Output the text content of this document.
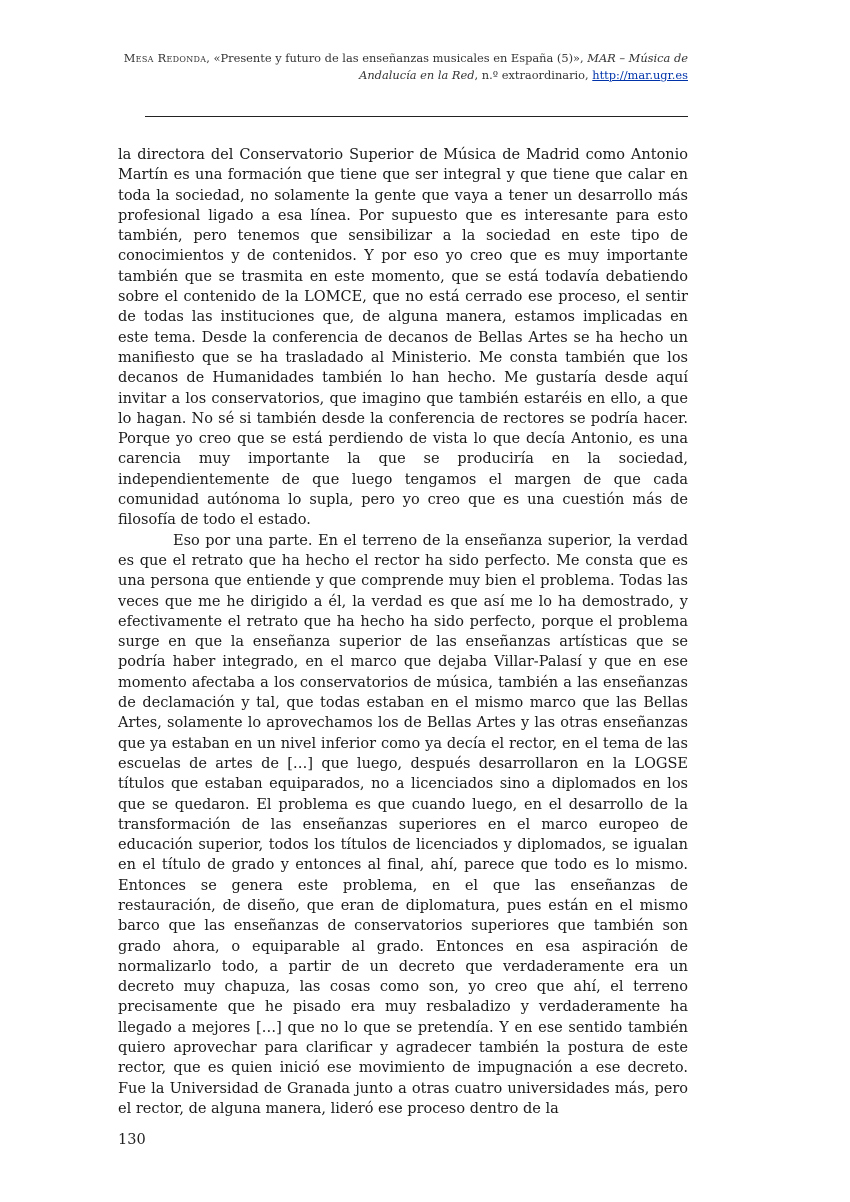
Mesa Redonda, «Presente y futuro de las enseñanzas musicales en España (5)», MAR – Música de Andalucía en la Red, n.º extraordinario, http://mar.ugr.es

la directora del Conservatorio Superior de Música de Madrid como Antonio Martín es una formación que tiene que ser integral y que tiene que calar en toda la sociedad, no solamente la gente que vaya a tener un desarrollo más profesional ligado a esa línea. Por supuesto que es interesante para esto también, pero tenemos que sensibilizar a la sociedad en este tipo de conocimientos y de contenidos. Y por eso yo creo que es muy importante también que se trasmita en este momento, que se está todavía debatiendo sobre el contenido de la LOMCE, que no está cerrado ese proceso, el sentir de todas las instituciones que, de alguna manera, estamos implicadas en este tema. Desde la conferencia de decanos de Bellas Artes se ha hecho un manifiesto que se ha trasladado al Ministerio. Me consta también que los decanos de Humanidades también lo han hecho. Me gustaría desde aquí invitar a los conservatorios, que imagino que también estaréis en ello, a que lo hagan. No sé si también desde la conferencia de rectores se podría hacer. Porque yo creo que se está perdiendo de vista lo que decía Antonio, es una carencia muy importante la que se produciría en la sociedad, independientemente de que luego tengamos el margen de que cada comunidad autónoma lo supla, pero yo creo que es una cuestión más de filosofía de todo el estado.

Eso por una parte. En el terreno de la enseñanza superior, la verdad es que el retrato que ha hecho el rector ha sido perfecto. Me consta que es una persona que entiende y que comprende muy bien el problema. Todas las veces que me he dirigido a él, la verdad es que así me lo ha demostrado, y efectivamente el retrato que ha hecho ha sido perfecto, porque el problema surge en que la enseñanza superior de las enseñanzas artísticas que se podría haber integrado, en el marco que dejaba Villar-Palasí y que en ese momento afectaba a los conservatorios de música, también a las enseñanzas de declamación y tal, que todas estaban en el mismo marco que las Bellas Artes, solamente lo aprovechamos los de Bellas Artes y las otras enseñanzas que ya estaban en un nivel inferior como ya decía el rector, en el tema de las escuelas de artes de […] que luego, después desarrollaron en la LOGSE títulos que estaban equiparados, no a licenciados sino a diplomados en los que se quedaron. El problema es que cuando luego, en el desarrollo de la transformación de las enseñanzas superiores en el marco europeo de educación superior, todos los títulos de licenciados y diplomados, se igualan en el título de grado y entonces al final, ahí, parece que todo es lo mismo. Entonces se genera este problema, en el que las enseñanzas de restauración, de diseño, que eran de diplomatura, pues están en el mismo barco que las enseñanzas de conservatorios superiores que también son grado ahora, o equiparable al grado. Entonces en esa aspiración de normalizarlo todo, a partir de un decreto que verdaderamente era un decreto muy chapuza, las cosas como son, yo creo que ahí, el terreno precisamente que he pisado era muy resbaladizo y verdaderamente ha llegado a mejores […] que no lo que se pretendía. Y en ese sentido también quiero aprovechar para clarificar y agradecer también la postura de este rector, que es quien inició ese movimiento de impugnación a ese decreto. Fue la Universidad de Granada junto a otras cuatro universidades más, pero el rector, de alguna manera, lideró ese proceso dentro de la

130
